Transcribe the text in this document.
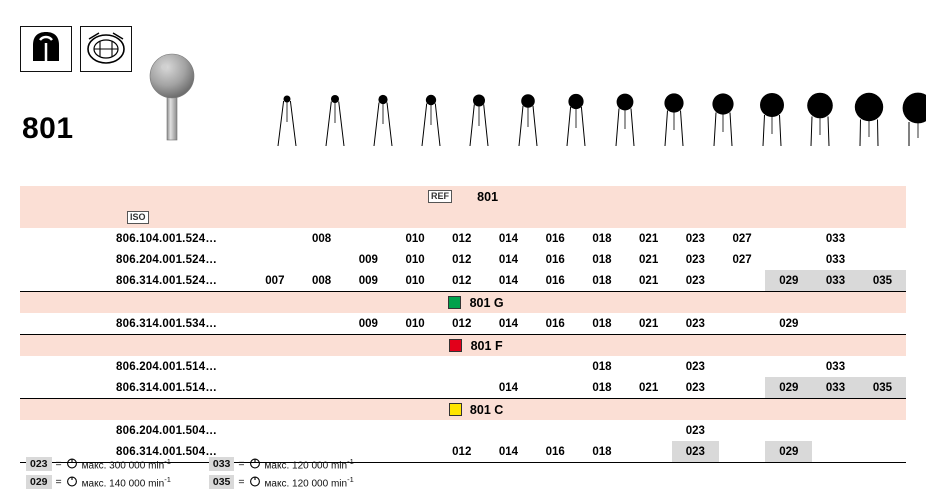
801
REF 801															
ISO															
	806.104.001.524…		008		010	012	014	016	018	021	023	027		033	
	806.204.001.524…			009	010	012	014	016	018	021	023	027		033	
	806.314.001.524…	007	008	009	010	012	014	016	018	021	023		029	033	035
801 G															
	806.314.001.534…			009	010	012	014	016	018	021	023		029		
801 F															
	806.204.001.514…								018		023			033	
	806.314.001.514…						014		018	021	023		029	033	035
801 C															
	806.204.001.504…										023				
	806.314.001.504…					012	014	016	018		023		029		
023 = макс. 300 000 $\min^{-1}$	033 = макс. 120 000 $\min^{-1}$
029 = макс. 140 000 $\min^{-1}$	035 = макс. 120 000 $\min^{-1}$
